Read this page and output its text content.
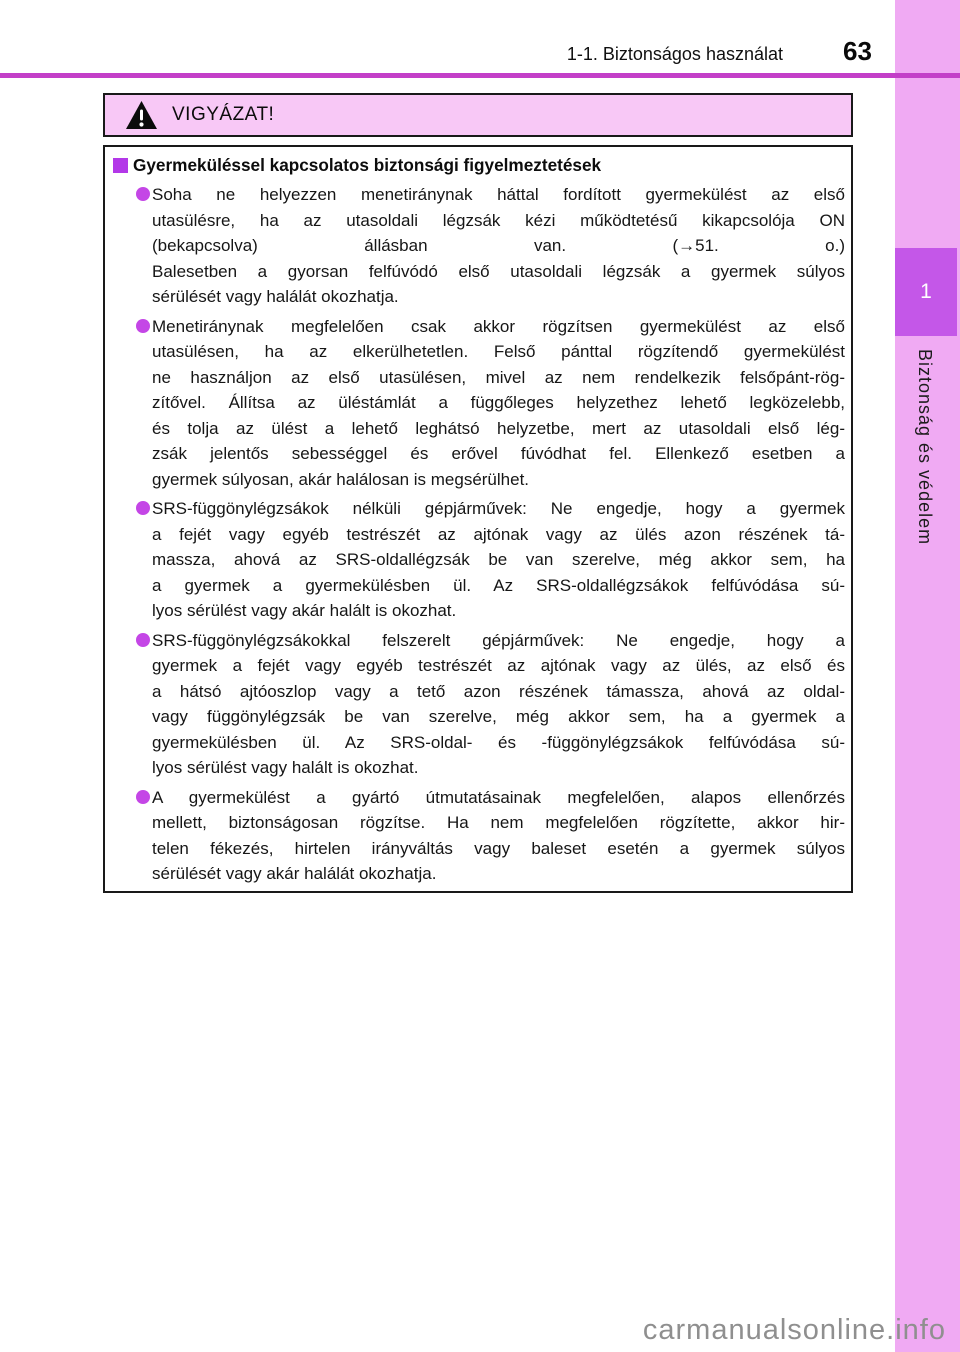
1
Biztonság és védelem
1-1. Biztonságos használat 63
VIGYÁZAT!
Gyermeküléssel kapcsolatos biztonsági figyelmeztetések
Soha ne helyezzen menetiránynak háttal fordított gyermekülést az első
utasülésre, ha az utasoldali légzsák kézi működtetésű kikapcsolója ON
(bekapcsolva) állásban van. (→51. o.)
Balesetben a gyorsan felfúvódó első utasoldali légzsák a gyermek súlyos
sérülését vagy halálát okozhatja.
Menetiránynak megfelelően csak akkor rögzítsen gyermekülést az első
utasülésen, ha az elkerülhetetlen. Felső pánttal rögzítendő gyermekülést
ne használjon az első utasülésen, mivel az nem rendelkezik felsőpánt-rög-
zítővel. Állítsa az üléstámlát a függőleges helyzethez lehető legközelebb,
és tolja az ülést a lehető leghátsó helyzetbe, mert az utasoldali első lég-
zsák jelentős sebességgel és erővel fúvódhat fel. Ellenkező esetben a
gyermek súlyosan, akár halálosan is megsérülhet.
SRS-függönylégzsákok nélküli gépjárművek: Ne engedje, hogy a gyermek
a fejét vagy egyéb testrészét az ajtónak vagy az ülés azon részének tá-
massza, ahová az SRS-oldallégzsák be van szerelve, még akkor sem, ha
a gyermek a gyermekülésben ül. Az SRS-oldallégzsákok felfúvódása sú-
lyos sérülést vagy akár halált is okozhat.
SRS-függönylégzsákokkal felszerelt gépjárművek: Ne engedje, hogy a
gyermek a fejét vagy egyéb testrészét az ajtónak vagy az ülés, az első és
a hátsó ajtóoszlop vagy a tető azon részének támassza, ahová az oldal-
vagy függönylégzsák be van szerelve, még akkor sem, ha a gyermek a
gyermekülésben ül. Az SRS-oldal- és -függönylégzsákok felfúvódása sú-
lyos sérülést vagy halált is okozhat.
A gyermekülést a gyártó útmutatásainak megfelelően, alapos ellenőrzés
mellett, biztonságosan rögzítse. Ha nem megfelelően rögzítette, akkor hir-
telen fékezés, hirtelen irányváltás vagy baleset esetén a gyermek súlyos
sérülését vagy akár halálát okozhatja.
carmanualsonline.info
